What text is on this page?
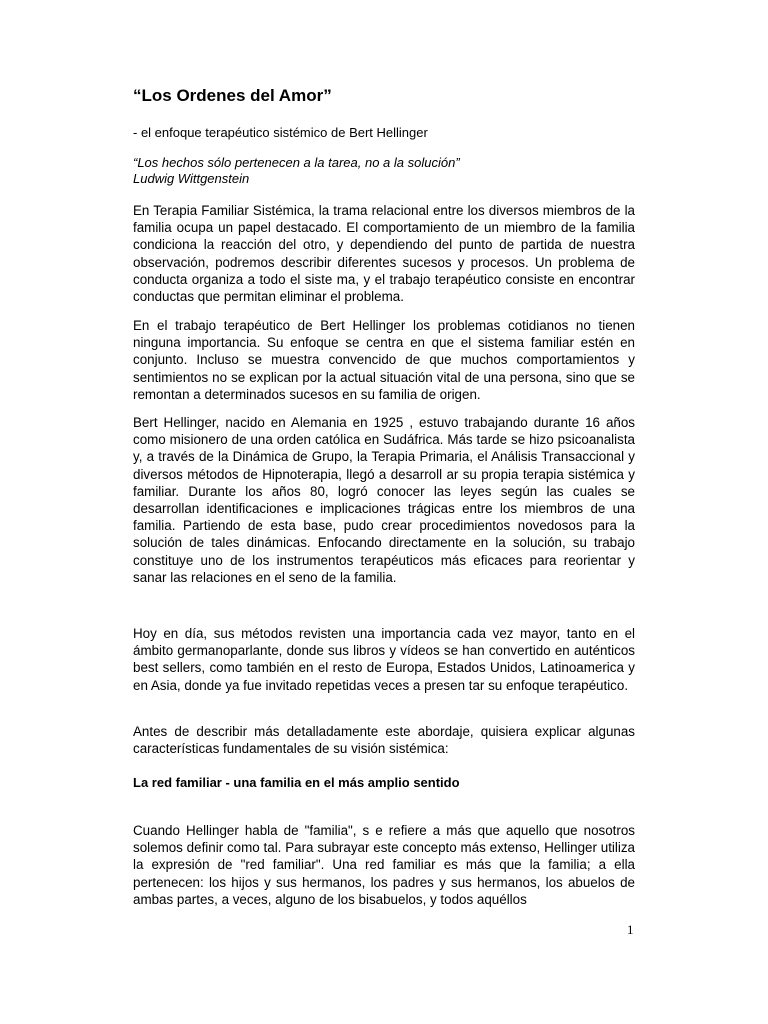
“Los Ordenes del Amor”
- el enfoque terapéutico sistémico de Bert Hellinger
“Los hechos sólo pertenecen a la tarea, no a la solución”
Ludwig Wittgenstein

En Terapia Familiar Sistémica, la trama relacional entre los diversos miembros de la familia ocupa un papel destacado. El comportamiento de un miembro de la familia condiciona la reacción del otro, y dependiendo del punto de partida de nuestra observación, podremos describir diferentes sucesos y procesos. Un problema de conducta organiza a todo el siste ma, y el trabajo terapéutico consiste en encontrar conductas que permitan eliminar el problema.

En el trabajo terapéutico de Bert Hellinger los problemas cotidianos no tienen ninguna importancia. Su enfoque se centra en que el sistema familiar estén en conjunto. Incluso se muestra convencido de que muchos comportamientos y sentimientos no se explican por la actual situación vital de una persona, sino que se remontan a determinados sucesos en su familia de origen.

Bert Hellinger, nacido en Alemania en 1925 , estuvo trabajando durante 16 años como misionero de una orden católica en Sudáfrica. Más tarde se hizo psicoanalista y, a través de la Dinámica de Grupo, la Terapia Primaria, el Análisis Transaccional y diversos métodos de Hipnoterapia, llegó a desarroll ar su propia terapia sistémica y familiar. Durante los años 80, logró conocer las leyes según las cuales se desarrollan identificaciones e implicaciones trágicas entre los miembros de una familia. Partiendo de esta base, pudo crear procedimientos novedosos para la solución de tales dinámicas. Enfocando directamente en la solución, su trabajo constituye uno de los instrumentos terapéuticos más eficaces para reorientar y sanar las relaciones en el seno de la familia.

Hoy en día, sus métodos revisten una importancia cada vez mayor, tanto en el ámbito germanoparlante, donde sus libros y vídeos se han convertido en auténticos best sellers, como también en el resto de Europa, Estados Unidos, Latinoamerica y en Asia, donde ya fue invitado repetidas veces a presen tar su enfoque terapéutico.

Antes de describir más detalladamente este abordaje, quisiera explicar algunas características fundamentales de su visión sistémica:

La red familiar - una familia en el más amplio sentido

Cuando Hellinger habla de "familia", s e refiere a más que aquello que nosotros solemos definir como tal. Para subrayar este concepto más extenso, Hellinger utiliza la expresión de "red familiar". Una red familiar es más que la familia; a ella pertenecen: los hijos y sus hermanos, los padres y sus hermanos, los abuelos de ambas partes, a veces, alguno de los bisabuelos, y todos aquéllos

1
